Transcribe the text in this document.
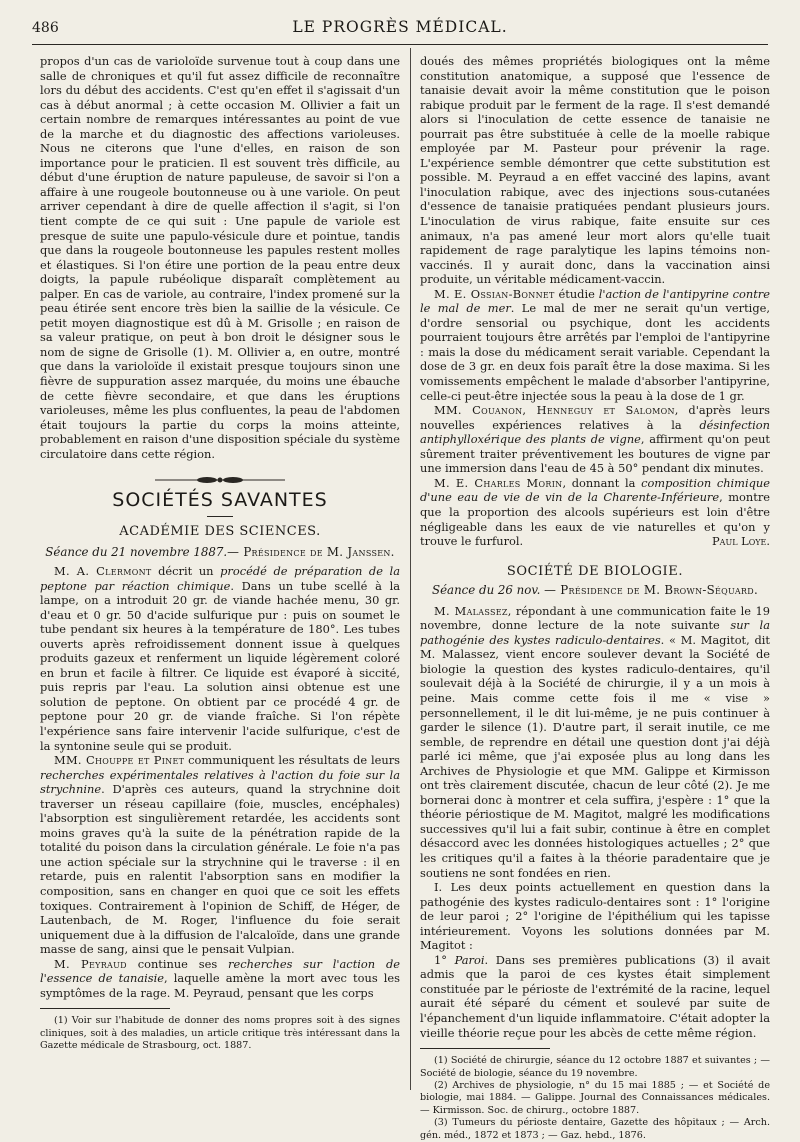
486	LE PROGRÈS MÉDICAL.

propos d'un cas de varioloïde survenue tout à coup dans une salle de chroniques et qu'il fut assez difficile de reconnaître lors du début des accidents. C'est qu'en effet il s'agissait d'un cas à début anormal ; à cette occasion M. Ollivier a fait un certain nombre de remarques intéressantes au point de vue de la marche et du diagnostic des affections varioleuses. Nous ne citerons que l'une d'elles, en raison de son importance pour le praticien. Il est souvent très difficile, au début d'une éruption de nature papuleuse, de savoir si l'on a affaire à une rougeole boutonneuse ou à une variole. On peut arriver cependant à dire de quelle affection il s'agit, si l'on tient compte de ce qui suit : Une papule de variole est presque de suite une papulo-vésicule dure et pointue, tandis que dans la rougeole boutonneuse les papules restent molles et élastiques. Si l'on étire une portion de la peau entre deux doigts, la papule rubéolique disparaît complètement au palper. En cas de variole, au contraire, l'index promené sur la peau étirée sent encore très bien la saillie de la vésicule. Ce petit moyen diagnostique est dû à M. Grisolle ; en raison de sa valeur pratique, on peut à bon droit le désigner sous le nom de signe de Grisolle (1). M. Ollivier a, en outre, montré que dans la varioloïde il existait presque toujours sinon une fièvre de suppuration assez marquée, du moins une ébauche de cette fièvre secondaire, et que dans les éruptions varioleuses, même les plus confluentes, la peau de l'abdomen était toujours la partie du corps la moins atteinte, probablement en raison d'une disposition spéciale du système circulatoire dans cette région.

SOCIÉTÉS SAVANTES
ACADÉMIE DES SCIENCES.
Séance du 21 novembre 1887.— Présidence de M. Janssen.

M. A. Clermont décrit un procédé de préparation de la peptone par réaction chimique. Dans un tube scellé à la lampe, on a introduit 20 gr. de viande hachée menu, 30 gr. d'eau et 0 gr. 50 d'acide sulfurique pur : puis on soumet le tube pendant six heures à la température de 180°. Les tubes ouverts après refroidissement donnent issue à quelques produits gazeux et renferment un liquide légèrement coloré en brun et facile à filtrer. Ce liquide est évaporé à siccité, puis repris par l'eau. La solution ainsi obtenue est une solution de peptone. On obtient par ce procédé 4 gr. de peptone pour 20 gr. de viande fraîche. Si l'on répète l'expérience sans faire intervenir l'acide sulfurique, c'est de la syntonine seule qui se produit.

MM. Chouppe et Pinet communiquent les résultats de leurs recherches expérimentales relatives à l'action du foie sur la strychnine. D'après ces auteurs, quand la strychnine doit traverser un réseau capillaire (foie, muscles, encéphales) l'absorption est singulièrement retardée, les accidents sont moins graves qu'à la suite de la pénétration rapide de la totalité du poison dans la circulation générale. Le foie n'a pas une action spéciale sur la strychnine qui le traverse : il en retarde, puis en ralentit l'absorption sans en modifier la composition, sans en changer en quoi que ce soit les effets toxiques. Contrairement à l'opinion de Schiff, de Héger, de Lautenbach, de M. Roger, l'influence du foie serait uniquement due à la diffusion de l'alcaloïde, dans une grande masse de sang, ainsi que le pensait Vulpian.

M. Peyraud continue ses recherches sur l'action de l'essence de tanaisie, laquelle amène la mort avec tous les symptômes de la rage. M. Peyraud, pensant que les corps

(1) Voir sur l'habitude de donner des noms propres soit à des signes cliniques, soit à des maladies, un article critique très intéressant dans la Gazette médicale de Strasbourg, oct. 1887.

doués des mêmes propriétés biologiques ont la même constitution anatomique, a supposé que l'essence de tanaisie devait avoir la même constitution que le poison rabique produit par le ferment de la rage. Il s'est demandé alors si l'inoculation de cette essence de tanaisie ne pourrait pas être substituée à celle de la moelle rabique employée par M. Pasteur pour prévenir la rage. L'expérience semble démontrer que cette substitution est possible. M. Peyraud a en effet vacciné des lapins, avant l'inoculation rabique, avec des injections sous-cutanées d'essence de tanaisie pratiquées pendant plusieurs jours. L'inoculation de virus rabique, faite ensuite sur ces animaux, n'a pas amené leur mort alors qu'elle tuait rapidement de rage paralytique les lapins témoins non-vaccinés. Il y aurait donc, dans la vaccination ainsi produite, un véritable médicament-vaccin.

M. E. Ossian-Bonnet étudie l'action de l'antipyrine contre le mal de mer. Le mal de mer ne serait qu'un vertige, d'ordre sensorial ou psychique, dont les accidents pourraient toujours être arrêtés par l'emploi de l'antipyrine : mais la dose du médicament serait variable. Cependant la dose de 3 gr. en deux fois paraît être la dose maxima. Si les vomissements empêchent le malade d'absorber l'antipyrine, celle-ci peut-être injectée sous la peau à la dose de 1 gr.

MM. Couanon, Henneguy et Salomon, d'après leurs nouvelles expériences relatives à la désinfection antiphylloxérique des plants de vigne, affirment qu'on peut sûrement traiter préventivement les boutures de vigne par une immersion dans l'eau de 45 à 50° pendant dix minutes.

M. E. Charles Morin, donnant la composition chimique d'une eau de vie de vin de la Charente-Inférieure, montre que la proportion des alcools supérieurs est loin d'être négligeable dans les eaux de vie naturelles et qu'on y trouve le furfurol.	Paul Loye.

SOCIÉTÉ DE BIOLOGIE.
Séance du 26 nov. — Présidence de M. Brown-Séquard.

M. Malassez, répondant à une communication faite le 19 novembre, donne lecture de la note suivante sur la pathogénie des kystes radiculo-dentaires. « M. Magitot, dit M. Malassez, vient encore soulever devant la Société de biologie la question des kystes radiculo-dentaires, qu'il soulevait déjà à la Société de chirurgie, il y a un mois à peine. Mais comme cette fois il me « vise » personnellement, il le dit lui-même, je ne puis continuer à garder le silence (1). D'autre part, il serait inutile, ce me semble, de reprendre en détail une question dont j'ai déjà parlé ici même, que j'ai exposée plus au long dans les Archives de Physiologie et que MM. Galippe et Kirmisson ont très clairement discutée, chacun de leur côté (2). Je me bornerai donc à montrer et cela suffira, j'espère : 1° que la théorie périostique de M. Magitot, malgré les modifications successives qu'il lui a fait subir, continue à être en complet désaccord avec les données histologiques actuelles ; 2° que les critiques qu'il a faites à la théorie paradentaire que je soutiens ne sont fondées en rien.

I. Les deux points actuellement en question dans la pathogénie des kystes radiculo-dentaires sont : 1° l'origine de leur paroi ; 2° l'origine de l'épithélium qui les tapisse intérieurement. Voyons les solutions données par M. Magitot :

1° Paroi. Dans ses premières publications (3) il avait admis que la paroi de ces kystes était simplement constituée par le périoste de l'extrémité de la racine, lequel aurait été séparé du cément et soulevé par suite de l'épanchement d'un liquide inflammatoire. C'était adopter la vieille théorie reçue pour les abcès de cette même région.

(1) Société de chirurgie, séance du 12 octobre 1887 et suivantes ; — Société de biologie, séance du 19 novembre.

(2) Archives de physiologie, n° du 15 mai 1885 ; — et Société de biologie, mai 1884. — Galippe. Journal des Connaissances médicales. — Kirmisson. Soc. de chirurg., octobre 1887.

(3) Tumeurs du périoste dentaire, Gazette des hôpitaux ; — Arch. gén. méd., 1872 et 1873 ; — Gaz. hebd., 1876.
